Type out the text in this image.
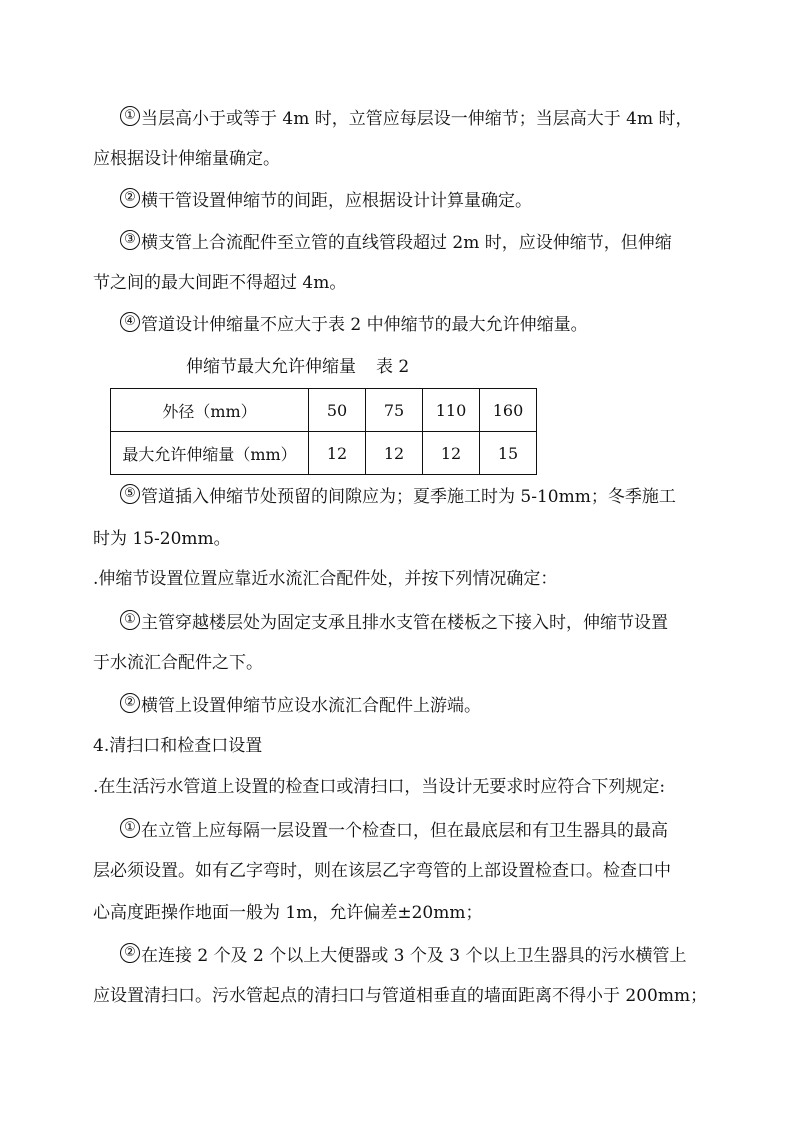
① 当层高小于或等于 4m 时，立管应每层设一伸缩节；当层高大于 4m 时，
应根据设计伸缩量确定。
② 横干管设置伸缩节的间距，应根据设计计算量确定。
③ 横支管上合流配件至立管的直线管段超过 2m 时，应设伸缩节，但伸缩
节之间的最大间距不得超过 4m。
④ 管道设计伸缩量不应大于表 2 中伸缩节的最大允许伸缩量。
伸缩节最大允许伸缩量 表 2
外径（mm）	50	75	110	160
最大允许伸缩量（mm）	12	12	12	15
⑤ 管道插入伸缩节处预留的间隙应为；夏季施工时为 5-10mm；冬季施工
时为 15-20mm。
.伸缩节设置位置应靠近水流汇合配件处，并按下列情况确定：
① 主管穿越楼层处为固定支承且排水支管在楼板之下接入时，伸缩节设置
于水流汇合配件之下。
② 横管上设置伸缩节应设水流汇合配件上游端。
4.清扫口和检查口设置
.在生活污水管道上设置的检查口或清扫口，当设计无要求时应符合下列规定:
① 在立管上应每隔一层设置一个检查口，但在最底层和有卫生器具的最高
层必须设置。如有乙字弯时，则在该层乙字弯管的上部设置检查口。检查口中
心高度距操作地面一般为 1m，允许偏差±20mm；
② 在连接 2 个及 2 个以上大便器或 3 个及 3 个以上卫生器具的污水横管上
应设置清扫口。污水管起点的清扫口与管道相垂直的墙面距离不得小于 200mm；
